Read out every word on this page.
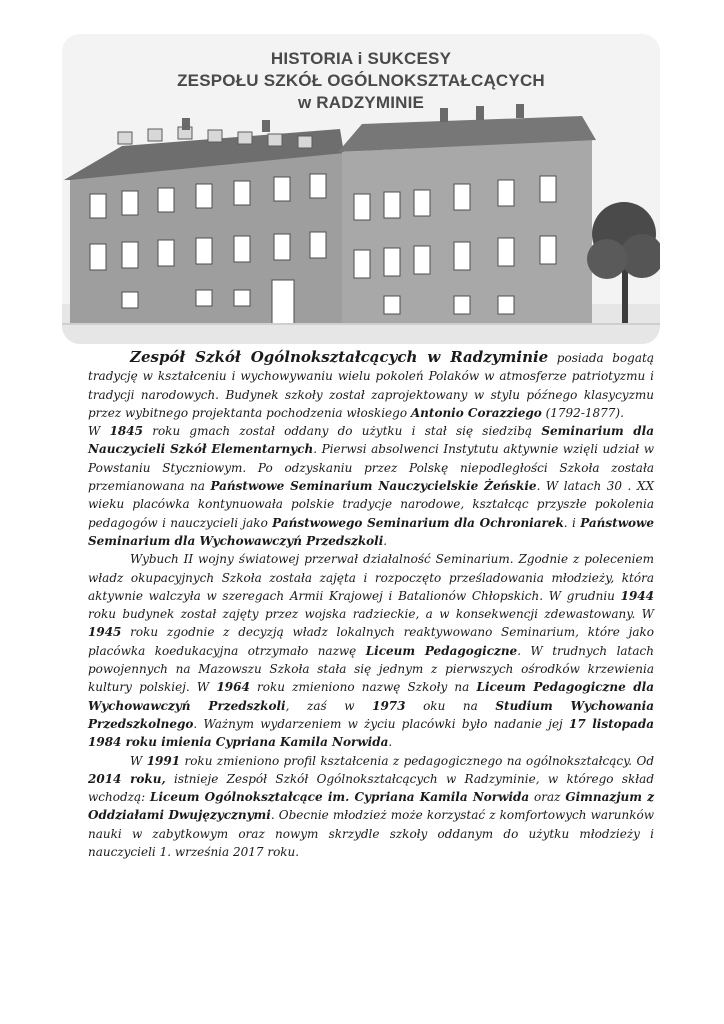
HISTORIA i SUKCESY
ZESPOŁU SZKÓŁ OGÓLNOKSZTAŁCĄCYCH
w RADZYMINIE

Zespół Szkół Ogólnokształcących w Radzyminie posiada bogatą tradycję w kształceniu i wychowywaniu wielu pokoleń Polaków w atmosferze patriotyzmu i tradycji narodowych. Budynek szkoły został zaprojektowany w stylu późnego klasycyzmu przez wybitnego projektanta pochodzenia włoskiego Antonio Corazziego (1792-1877).

W 1845 roku gmach został oddany do użytku i stał się siedzibą Seminarium dla Nauczycieli Szkół Elementarnych. Pierwsi absolwenci Instytutu aktywnie wzięli udział w Powstaniu Styczniowym. Po odzyskaniu przez Polskę niepodległości Szkoła została przemianowana na Państwowe Seminarium Nauczycielskie Żeńskie. W latach 30 . XX wieku placówka kontynuowała polskie tradycje narodowe, kształcąc przyszłe pokolenia pedagogów i nauczycieli jako Państwowego Seminarium dla Ochroniarek. i Państwowe Seminarium dla Wychowawczyń Przedszkoli.

Wybuch II wojny światowej przerwał działalność Seminarium. Zgodnie z poleceniem władz okupacyjnych Szkoła została zajęta i rozpoczęto prześladowania młodzieży, która aktywnie walczyła w szeregach Armii Krajowej i Batalionów Chłopskich. W grudniu 1944 roku budynek został zajęty przez wojska radzieckie, a w konsekwencji zdewastowany. W 1945 roku zgodnie z decyzją władz lokalnych reaktywowano Seminarium, które jako placówka koedukacyjna otrzymało nazwę Liceum Pedagogiczne. W trudnych latach powojennych na Mazowszu Szkoła stała się jednym z pierwszych ośrodków krzewienia kultury polskiej. W 1964 roku zmieniono nazwę Szkoły na Liceum Pedagogiczne dla Wychowawczyń Przedszkoli, zaś w 1973 oku na Studium Wychowania Przedszkolnego. Ważnym wydarzeniem w życiu placówki było nadanie jej 17 listopada 1984 roku imienia Cypriana Kamila Norwida.

W 1991 roku zmieniono profil kształcenia z pedagogicznego na ogólnokształcący. Od 2014 roku, istnieje Zespół Szkół Ogólnokształcących w Radzyminie, w którego skład wchodzą: Liceum Ogólnokształcące im. Cypriana Kamila Norwida oraz Gimnazjum z Oddziałami Dwujęzycznymi. Obecnie młodzież może korzystać z komfortowych warunków nauki w zabytkowym oraz nowym skrzydle szkoły oddanym do użytku młodzieży i nauczycieli 1. września 2017 roku.
